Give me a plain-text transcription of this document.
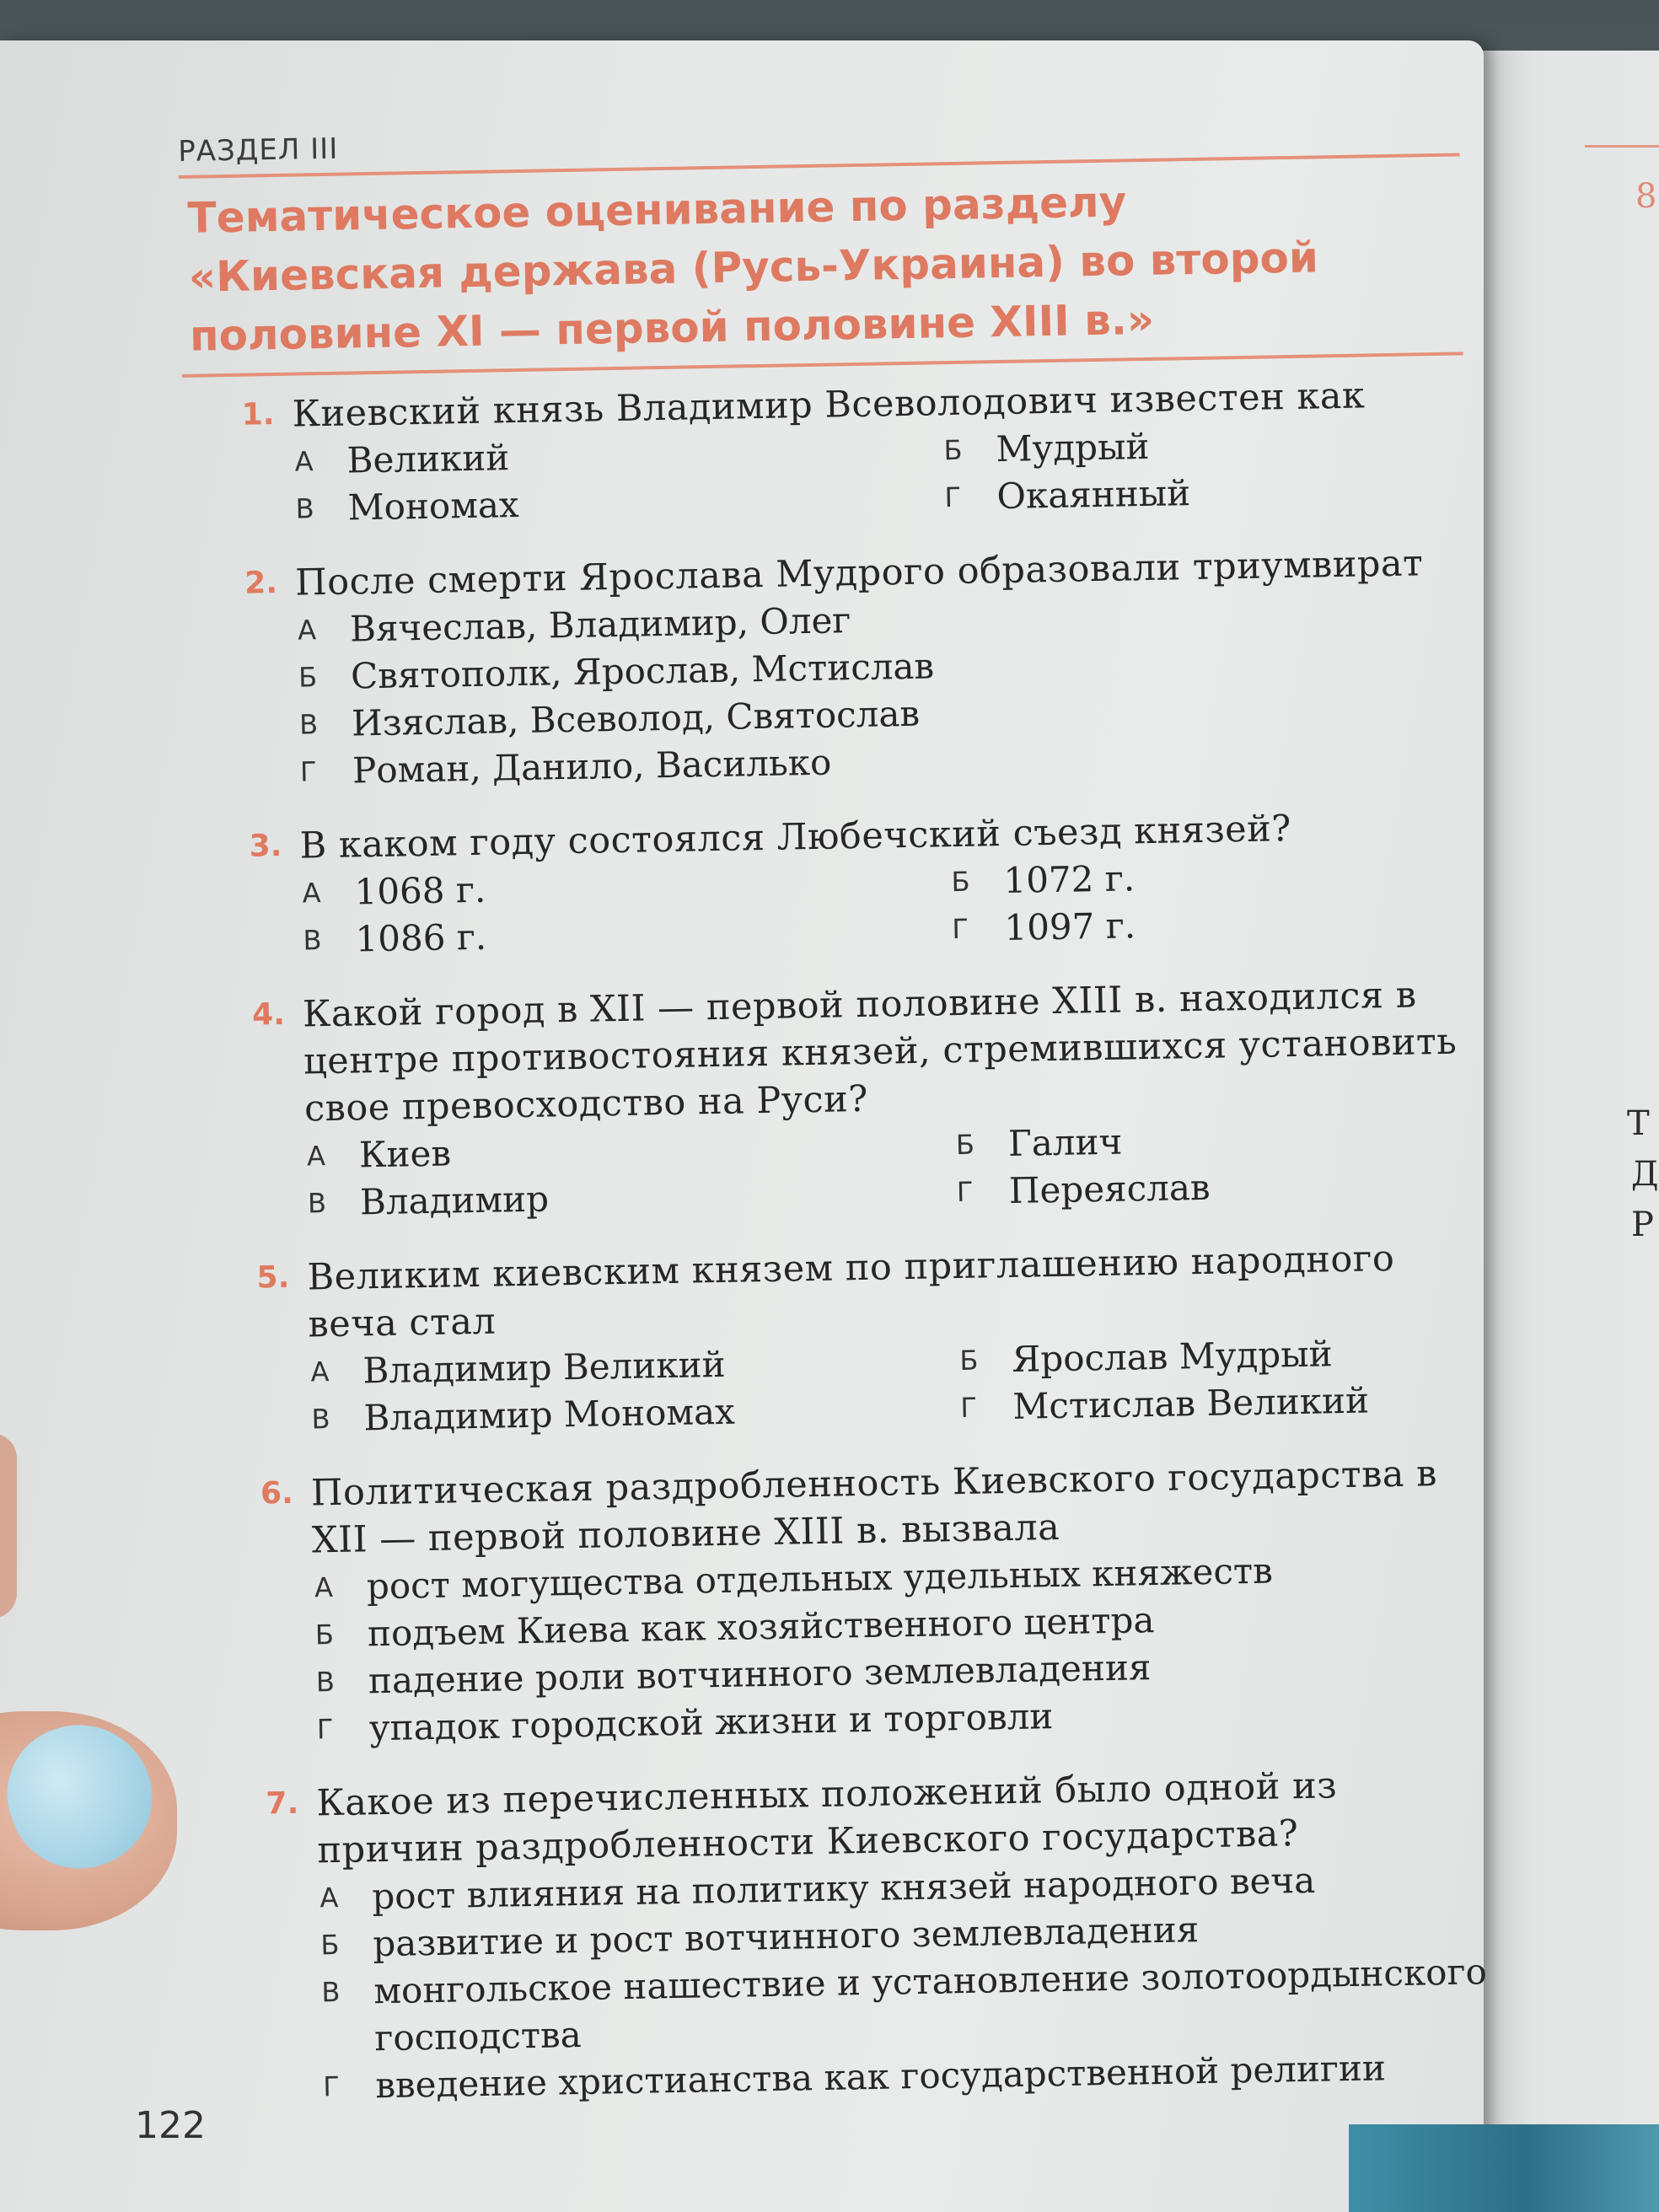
8
Т
Д
Р
РАЗДЕЛ III
Тематическое оценивание по разделу «Киевская держава (Русь-Украина) во второй половине XI — первой половине XIII в.»
1. Киевский князь Владимир Всеволодович известен как
А Великий	Б Мудрый
В Мономах	Г Окаянный
2. После смерти Ярослава Мудрого образовали триумвират
А Вячеслав, Владимир, Олег
Б Святополк, Ярослав, Мстислав
В Изяслав, Всеволод, Святослав
Г Роман, Данило, Василько
3. В каком году состоялся Любечский съезд князей?
А 1068 г.	Б 1072 г.
В 1086 г.	Г 1097 г.
4. Какой город в XII — первой половине XIII в. находился в центре противостояния князей, стремившихся установить свое превосходство на Руси?
А Киев	Б Галич
В Владимир	Г Переяслав
5. Великим киевским князем по приглашению народного веча стал
А Владимир Великий	Б Ярослав Мудрый
В Владимир Мономах	Г Мстислав Великий
6. Политическая раздробленность Киевского государства в XII — первой половине XIII в. вызвала
А рост могущества отдельных удельных княжеств
Б подъем Киева как хозяйственного центра
В падение роли вотчинного землевладения
Г упадок городской жизни и торговли
7. Какое из перечисленных положений было одной из причин раздробленности Киевского государства?
А рост влияния на политику князей народного веча
Б развитие и рост вотчинного землевладения
В монгольское нашествие и установление золотоордынского господства
Г введение христианства как государственной религии
122
